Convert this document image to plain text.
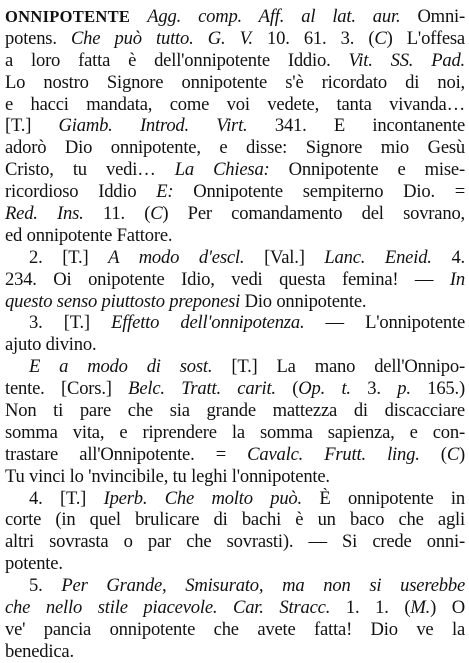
ONNIPOTENTE Agg. comp. Aff. al lat. aur. Omni-
potens. Che può tutto. G. V. 10. 61. 3. (C) L'offesa
a loro fatta è dell'onnipotente Iddio. Vit. SS. Pad.
Lo nostro Signore onnipotente s'è ricordato di noi,
e hacci mandata, come voi vedete, tanta vivanda…
[T.] Giamb. Introd. Virt. 341. E incontanente
adorò Dio onnipotente, e disse: Signore mio Gesù
Cristo, tu vedi… La Chiesa: Onnipotente e mise-
ricordioso Iddio E: Onnipotente sempiterno Dio. =
Red. Ins. 11. (C) Per comandamento del sovrano,
ed onnipotente Fattore.
2. [T.] A modo d'escl. [Val.] Lanc. Eneid. 4.
234. Oi onipotente Idio, vedi questa femina! — In
questo senso piuttosto preponesi Dio onnipotente.
3. [T.] Effetto dell'onnipotenza. — L'onnipotente
ajuto divino.
E a modo di sost. [T.] La mano dell'Onnipo-
tente. [Cors.] Belc. Tratt. carit. (Op. t. 3. p. 165.)
Non ti pare che sia grande mattezza di discacciare
somma vita, e riprendere la somma sapienza, e con-
trastare all'Onnipotente. = Cavalc. Frutt. ling. (C)
Tu vinci lo 'nvincibile, tu leghi l'onnipotente.
4. [T.] Iperb. Che molto può. È onnipotente in
corte (in quel brulicare di bachi è un baco che agli
altri sovrasta o par che sovrasti). — Si crede onni-
potente.
5. Per Grande, Smisurato, ma non si userebbe
che nello stile piacevole. Car. Stracc. 1. 1. (M.) O
ve' pancia onnipotente che avete fatta! Dio ve la
benedica.
